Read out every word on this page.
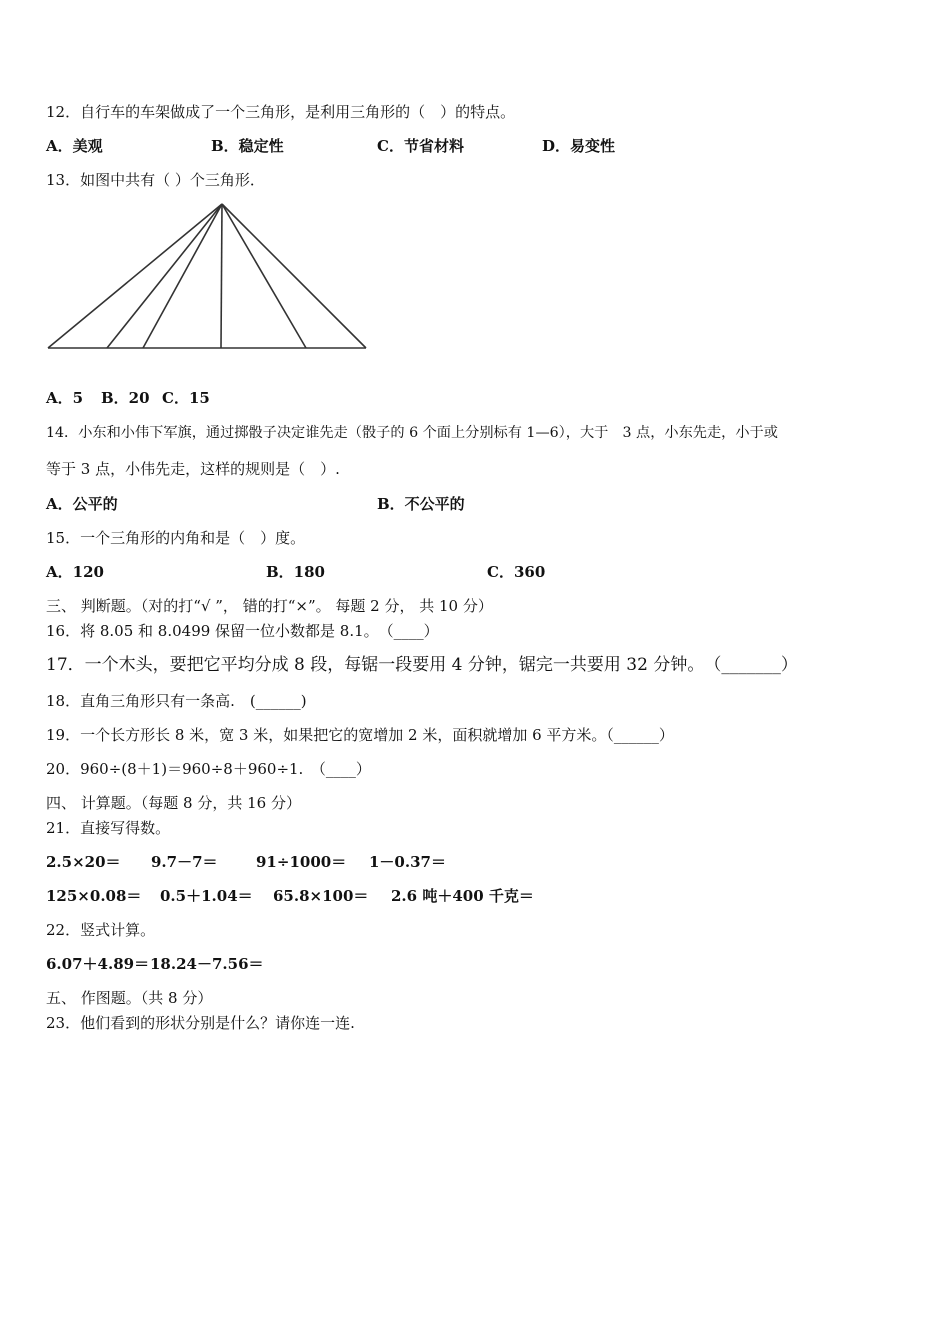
12．自行车的车架做成了一个三角形，是利用三角形的（　）的特点。
A．美观	B．稳定性	C．节省材料	D．易变性
13．如图中共有（ ）个三角形．
A．5 B．20 C．15
14．小东和小伟下军旗，通过掷骰子决定谁先走（骰子的 6 个面上分别标有 1—6），大于　3 点，小东先走，小于或
等于 3 点，小伟先走，这样的规则是（　）.
A．公平的	B．不公平的
15．一个三角形的内角和是（　）度。
A．120	B．180	C．360
三、 判断题。（对的打“√ ”， 错的打“×”。 每题 2 分， 共 10 分）
16．将 8.05 和 8.0499 保留一位小数都是 8.1。　（____）
17．一个木头，要把它平均分成 8 段，每锯一段要用 4 分钟，锯完一共要用 32 分钟。　（_______）
18．直角三角形只有一条高.　(______)
19．一个长方形长 8 米，宽 3 米，如果把它的宽增加 2 米，面积就增加 6 平方米。（______）
20．960÷(8＋1)＝960÷8＋960÷1.　（____）
四、 计算题。（每题 8 分，共 16 分）
21．直接写得数。
2.5×20＝ 9.7－7＝	91÷1000＝ 1－0.37＝
125×0.08＝ 0.5＋1.04＝ 65.8×100＝ 2.6 吨＋400 千克＝
22．竖式计算。
6.07＋4.89＝ 18.24－7.56＝
五、 作图题。（共 8 分）
23．他们看到的形状分别是什么？请你连一连.
